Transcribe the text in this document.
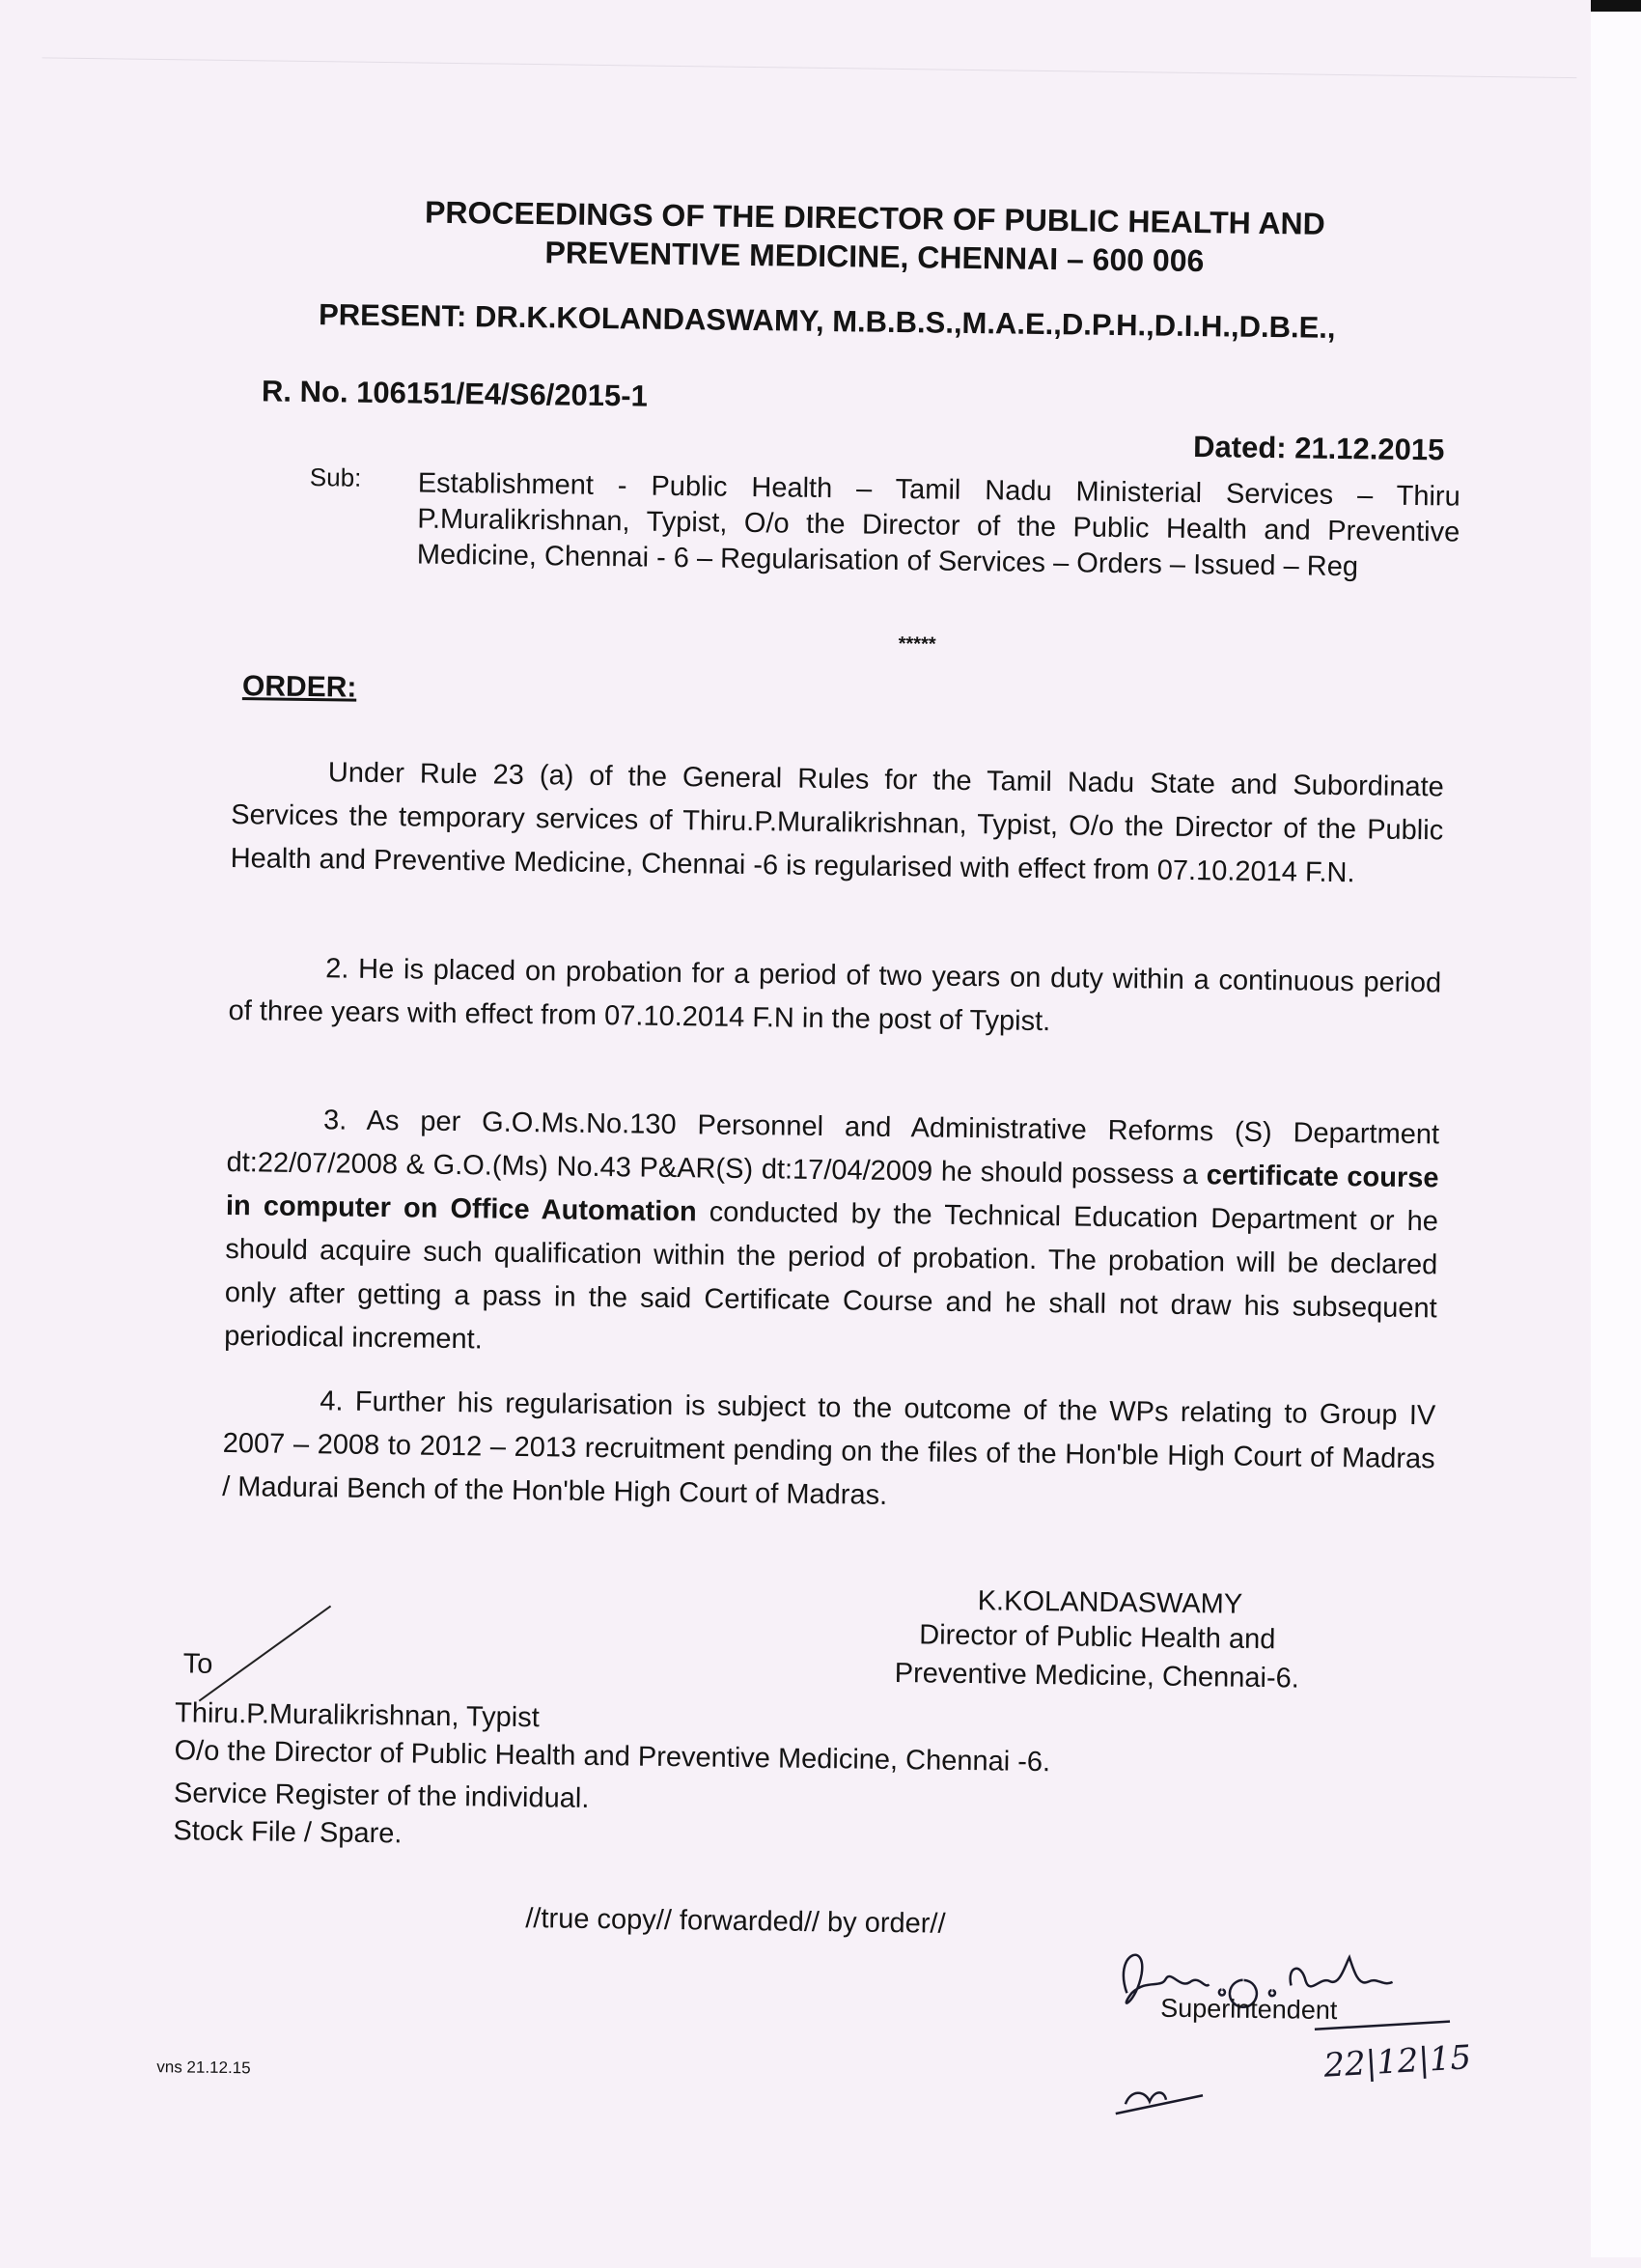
PROCEEDINGS OF THE DIRECTOR OF PUBLIC HEALTH AND
PREVENTIVE MEDICINE, CHENNAI – 600 006
PRESENT: DR.K.KOLANDASWAMY, M.B.B.S.,M.A.E.,D.P.H.,D.I.H.,D.B.E.,
R. No. 106151/E4/S6/2015-1
Dated: 21.12.2015
Sub: Establishment - Public Health – Tamil Nadu Ministerial Services – Thiru P.Muralikrishnan, Typist, O/o the Director of the Public Health and Preventive Medicine, Chennai - 6 – Regularisation of Services – Orders – Issued – Reg
*****
ORDER:
Under Rule 23 (a) of the General Rules for the Tamil Nadu State and Subordinate Services the temporary services of Thiru.P.Muralikrishnan, Typist, O/o the Director of the Public Health and Preventive Medicine, Chennai -6 is regularised with effect from 07.10.2014 F.N.
2. He is placed on probation for a period of two years on duty within a continuous period of three years with effect from 07.10.2014 F.N in the post of Typist.
3. As per G.O.Ms.No.130 Personnel and Administrative Reforms (S) Department dt:22/07/2008 & G.O.(Ms) No.43 P&AR(S) dt:17/04/2009 he should possess a certificate course in computer on Office Automation conducted by the Technical Education Department or he should acquire such qualification within the period of probation. The probation will be declared only after getting a pass in the said Certificate Course and he shall not draw his subsequent periodical increment.
4. Further his regularisation is subject to the outcome of the WPs relating to Group IV 2007 – 2008 to 2012 – 2013 recruitment pending on the files of the Hon'ble High Court of Madras / Madurai Bench of the Hon'ble High Court of Madras.
K.KOLANDASWAMY
Director of Public Health and
Preventive Medicine, Chennai-6.
To
Thiru.P.Muralikrishnan, Typist
O/o the Director of Public Health and Preventive Medicine, Chennai -6.
Service Register of the individual.
Stock File / Spare.
//true copy// forwarded// by order//
22|12|15
Superintendent
vns 21.12.15
